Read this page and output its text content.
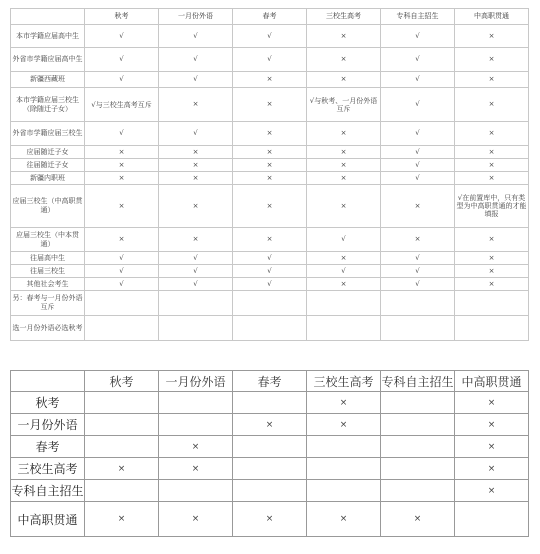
	秋考	一月份外语	春考	三校生高考	专科自主招生	中高职贯通
本市学籍应届高中生	√	√	√	×	√	×
外省市学籍应届高中生	√	√	√	×	√	×
新疆西藏班	√	√	×	×	√	×
本市学籍应届三校生（除随迁子女）	√与三校生高考互斥	×	×	√与秋考、一月份外语互斥	√	×
外省市学籍应届三校生	√	√	×	×	√	×
应届随迁子女	×	×	×	×	√	×
往届随迁子女	×	×	×	×	√	×
新疆内职班	×	×	×	×	√	×
应届三校生（中高职贯通）	×	×	×	×	×	√在前置库中，只有类型为中高职贯通的才能填报
应届三校生（中本贯通）	×	×	×	√	×	×
往届高中生	√	√	√	×	√	×
往届三校生	√	√	√	√	√	×
其他社会考生	√	√	√	×	√	×
另：春考与一月份外语互斥						
选一月份外语必选秋考						
	秋考	一月份外语	春考	三校生高考	专科自主招生	中高职贯通
秋考				×		×
一月份外语			×	×		×
春考		×				×
三校生高考	×	×				×
专科自主招生						×
中高职贯通	×	×	×	×	×	
